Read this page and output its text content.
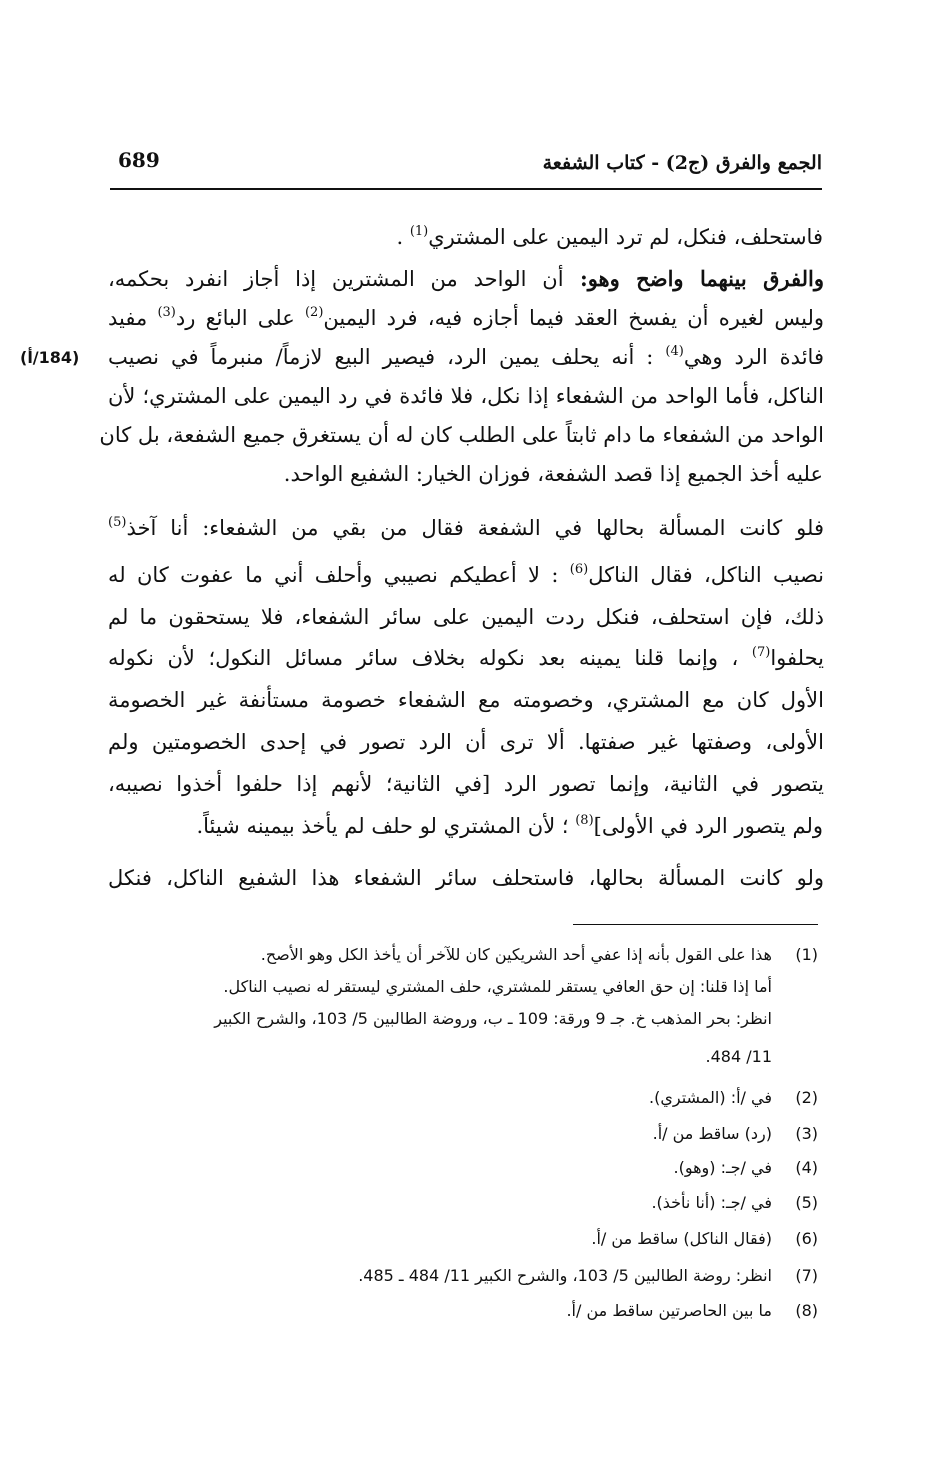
الجمع والفرق (ج2) - كتاب الشفعة
689
(184/أ)
فاستحلف، فنكل، لم ترد اليمين على المشتري$^{(1)}$ .
والفرق بينهما واضح وهو: أن الواحد من المشترين إذا أجاز انفرد بحكمه،
وليس لغيره أن يفسخ العقد فيما أجازه فيه، فرد اليمين$^{(2)}$ على البائع رد$^{(3)}$ مفيد
فائدة الرد وهي$^{(4)}$ : أنه يحلف يمين الرد، فيصير البيع لازماً/ منبرماً في نصيب
الناكل، فأما الواحد من الشفعاء إذا نكل، فلا فائدة في رد اليمين على المشتري؛ لأن
الواحد من الشفعاء ما دام ثابتاً على الطلب كان له أن يستغرق جميع الشفعة، بل كان
عليه أخذ الجميع إذا قصد الشفعة، فوزان الخيار: الشفيع الواحد.
فلو كانت المسألة بحالها في الشفعة فقال من بقي من الشفعاء: أنا آخذ$^{(5)}$
نصيب الناكل، فقال الناكل$^{(6)}$ : لا أعطيكم نصيبي وأحلف أني ما عفوت كان له
ذلك، فإن استحلف، فنكل ردت اليمين على سائر الشفعاء، فلا يستحقون ما لم
يحلفوا$^{(7)}$ ، وإنما قلنا يمينه بعد نكوله بخلاف سائر مسائل النكول؛ لأن نكوله
الأول كان مع المشتري، وخصومته مع الشفعاء خصومة مستأنفة غير الخصومة
الأولى، وصفتها غير صفتها. ألا ترى أن الرد تصور في إحدى الخصومتين ولم
يتصور في الثانية، وإنما تصور الرد [في الثانية؛ لأنهم إذا حلفوا أخذوا نصيبه،
ولم يتصور الرد في الأولى]$^{(8)}$ ؛ لأن المشتري لو حلف لم يأخذ بيمينه شيئاً.
ولو كانت المسألة بحالها، فاستحلف سائر الشفعاء هذا الشفيع الناكل، فنكل
(1)
هذا على القول بأنه إذا عفي أحد الشريكين كان للآخر أن يأخذ الكل وهو الأصح.
أما إذا قلنا: إن حق العافي يستقر للمشتري، حلف المشتري ليستقر له نصيب الناكل.
انظر: بحر المذهب خ. جـ 9 ورقة: 109 ـ ب، وروضة الطالبين 5/ 103، والشرح الكبير
11/ 484.
(2)
في /أ: (المشتري).
(3)
(رد) ساقط من /أ.
(4)
في /جـ: (وهو).
(5)
في /جـ: (أنا نأخذ).
(6)
(فقال الناكل) ساقط من /أ.
(7)
انظر: روضة الطالبين 5/ 103، والشرح الكبير 11/ 484 ـ 485.
(8)
ما بين الحاصرتين ساقط من /أ.
